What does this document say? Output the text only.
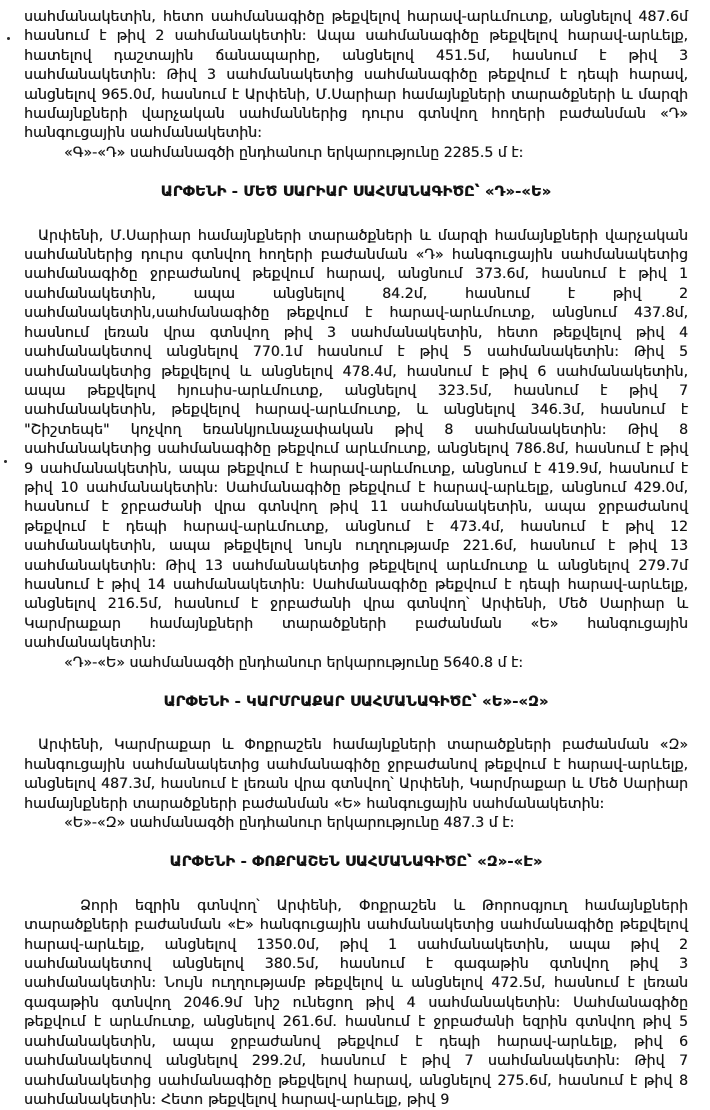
սահմանակետին, հետո սահմանագիծը թեքվելով հարավ-արևմուտք, անցնելով 487.6մ հասնում է թիվ 2 սահմանակետին: Ապա սահմանագիծը թեքվելով հարավ-արևելք, հատելով դաշտային ճանապարհը, անցնելով 451.5մ, հասնում է թիվ 3 սահմանակետին: Թիվ 3 սահմանակետից սահմանագիծը թեքվում է դեպի հարավ, անցնելով 965.0մ, հասնում է Արփենի, Մ.Սարիար համայնքների տարածքների և մարզի համայնքների վարչական սահմաններից դուրս գտնվող հողերի բաժանման «Դ» հանգուցային սահմանակետին:

«Գ»-«Դ» սահմանագծի ընդհանուր երկարությունը 2285.5 մ է:

ԱՐՓԵՆԻ - ՄԵԾ ՍԱՐԻԱՐ ՍԱՀՄԱՆԱԳԻԾԸ՝ «Դ»-«Ե»

Արփենի, Մ.Սարիար համայնքների տարածքների և մարզի համայնքների վարչական սահմաններից դուրս գտնվող հողերի բաժանման «Դ» հանգուցային սահմանակետից սահմանագիծը ջրբաժանով թեքվում հարավ, անցնում 373.6մ, հասնում է թիվ 1 սահմանակետին, ապա անցնելով 84.2մ, հասնում է թիվ 2 սահմանակետին,սահմանագիծը թեքվում է հարավ-արևմուտք, անցնում 437.8մ, հասնում լեռան վրա գտնվող թիվ 3 սահմանակետին, հետո թեքվելով թիվ 4 սահմանակետով անցնելով 770.1մ հասնում է թիվ 5 սահմանակետին: Թիվ 5 սահմանակետից թեքվելով և անցնելով 478.4մ, հասնում է թիվ 6 սահմանակետին, ապա թեքվելով հյուսիս-արևմուտք, անցնելով 323.5մ, հասնում է թիվ 7 սահմանակետին, թեքվելով հարավ-արևմուտք, և անցնելով 346.3մ, հասնում է "Շիշտեպե" կոչվող եռանկյունաչափական թիվ 8 սահմանակետին: Թիվ 8 սահմանակետից սահմանագիծը թեքվում արևմուտք, անցնելով 786.8մ, հասնում է թիվ 9 սահմանակետին, ապա թեքվում է հարավ-արևմուտք, անցնում է 419.9մ, հասնում է թիվ 10 սահմանակետին: Սահմանագիծը թեքվում է հարավ-արևելք, անցնում 429.0մ, հասնում է ջրբաժանի վրա գտնվող թիվ 11 սահմանակետին, ապա ջրբաժանով թեքվում է դեպի հարավ-արևմուտք, անցնում է 473.4մ, հասնում է թիվ 12 սահմանակետին, ապա թեքվելով նույն ուղղությամբ 221.6մ, հասնում է թիվ 13 սահմանակետին: Թիվ 13 սահմանակետից թեքվելով արևմուտք և անցնելով 279.7մ հասնում է թիվ 14 սահմանակետին: Սահմանագիծը թեքվում է դեպի հարավ-արևելք, անցնելով 216.5մ, հասնում է ջրբաժանի վրա գտնվող՝ Արփենի, Մեծ Սարիար և Կարմրաքար համայնքների տարածքների բաժանման «Ե» հանգուցային սահմանակետին:

«Դ»-«Ե» սահմանագծի ընդհանուր երկարությունը 5640.8 մ է:

ԱՐՓԵՆԻ - ԿԱՐՄՐԱՔԱՐ ՍԱՀՄԱՆԱԳԻԾԸ՝ «Ե»-«Զ»

Արփենի, Կարմրաքար և Փոքրաշեն համայնքների տարածքների բաժանման «Զ» հանգուցային սահմանակետից սահմանագիծը ջրբաժանով թեքվում է հարավ-արևելք, անցնելով 487.3մ, հասնում է լեռան վրա գտնվող՝ Արփենի, Կարմրաքար և Մեծ Սարիար համայնքների տարածքների բաժանման «Ե» հանգուցային սահմանակետին:

«Ե»-«Զ» սահմանագծի ընդհանուր երկարությունը 487.3 մ է:

ԱՐՓԵՆԻ - ՓՈՔՐԱՇԵՆ ՍԱՀՄԱՆԱԳԻԾԸ՝ «Զ»-«Է»

Ձորի եզրին գտնվող՝ Արփենի, Փոքրաշեն և Թորոսգյուղ համայնքների տարածքների բաժանման «Է» հանգուցային սահմանակետից սահմանագիծը թեքվելով հարավ-արևելք, անցնելով 1350.0մ, թիվ 1 սահմանակետին, ապա թիվ 2 սահմանակետով անցնելով 380.5մ, հասնում է գագաթին գտնվող թիվ 3 սահմանակետին: Նույն ուղղությամբ թեքվելով և անցնելով 472.5մ, հասնում է լեռան գագաթին գտնվող 2046.9մ նիշ ունեցող թիվ 4 սահմանակետին: Սահմանագիծը թեքվում է արևմուտք, անցնելով 261.6մ. հասնում է ջրբաժանի եզրին գտնվող թիվ 5 սահմանակետին, ապա ջրբաժանով թեքվում է դեպի հարավ-արևելք, թիվ 6 սահմանակետով անցնելով 299.2մ, հասնում է թիվ 7 սահմանակետին: Թիվ 7 սահմանակետից սահմանագիծը թեքվելով հարավ, անցնելով 275.6մ, հասնում է թիվ 8 սահմանակետին: Հետո թեքվելով հարավ-արևելք, թիվ 9
